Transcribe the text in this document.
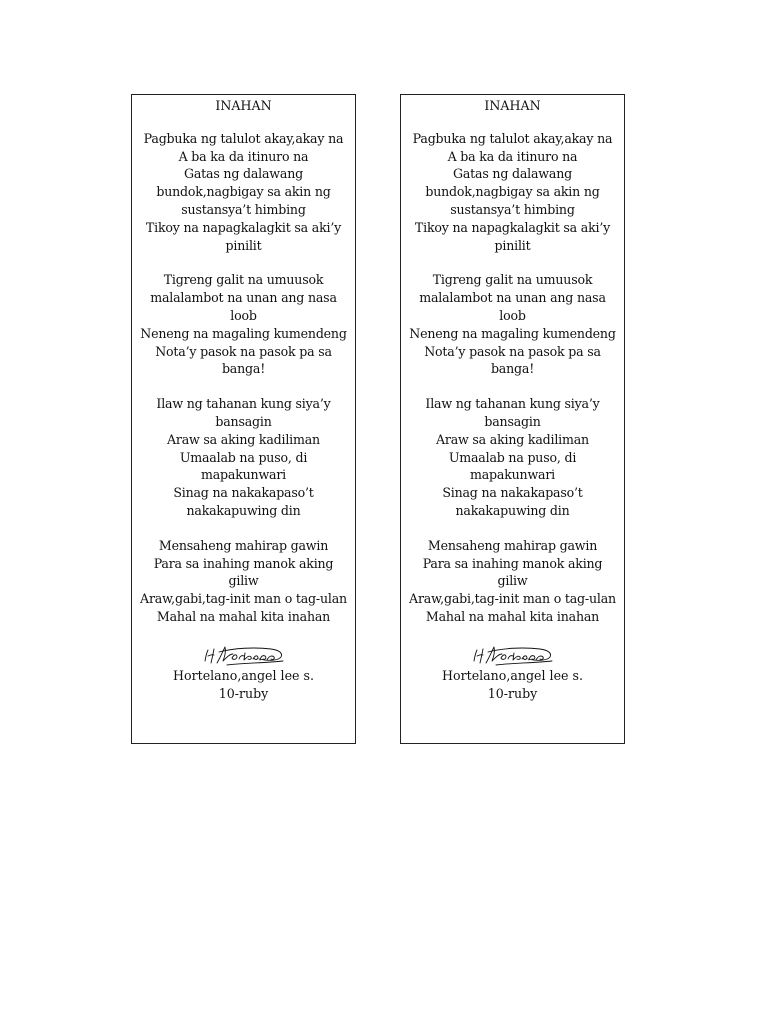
INAHAN
Pagbuka ng talulot akay,akay na
A ba ka da itinuro na
Gatas ng dalawang
bundok,nagbigay sa akin ng
sustansya’t himbing
Tikoy na napagkalagkit sa aki’y
pinilit
Tigreng galit na umuusok
malalambot na unan ang nasa
loob
Neneng na magaling kumendeng
Nota’y pasok na pasok pa sa
banga!
Ilaw ng tahanan kung siya’y
bansagin
Araw sa aking kadiliman
Umaalab na puso, di
mapakunwari
Sinag na nakakapaso’t
nakakapuwing din
Mensaheng mahirap gawin
Para sa inahing manok aking
giliw
Araw,gabi,tag-init man o tag-ulan
Mahal na mahal kita inahan
Hortelano,angel lee s.
10-ruby
INAHAN
Pagbuka ng talulot akay,akay na
A ba ka da itinuro na
Gatas ng dalawang
bundok,nagbigay sa akin ng
sustansya’t himbing
Tikoy na napagkalagkit sa aki’y
pinilit
Tigreng galit na umuusok
malalambot na unan ang nasa
loob
Neneng na magaling kumendeng
Nota’y pasok na pasok pa sa
banga!
Ilaw ng tahanan kung siya’y
bansagin
Araw sa aking kadiliman
Umaalab na puso, di
mapakunwari
Sinag na nakakapaso’t
nakakapuwing din
Mensaheng mahirap gawin
Para sa inahing manok aking
giliw
Araw,gabi,tag-init man o tag-ulan
Mahal na mahal kita inahan
Hortelano,angel lee s.
10-ruby
